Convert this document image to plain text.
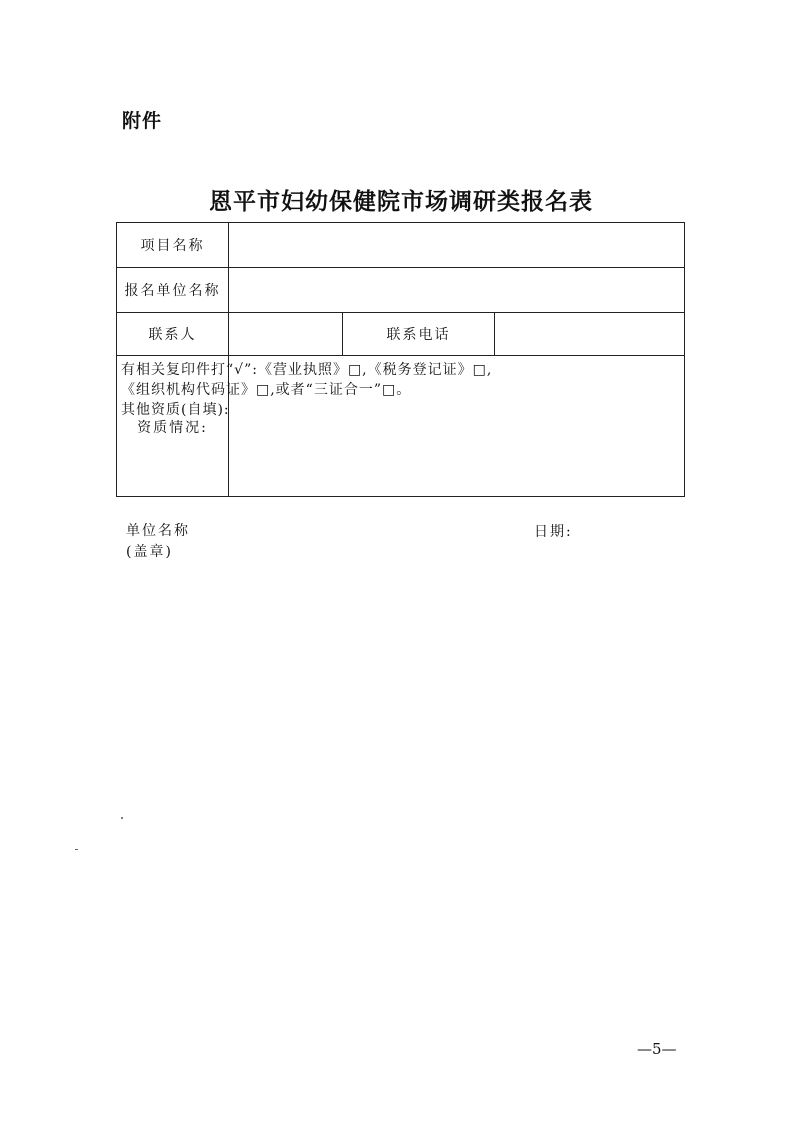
附件
恩平市妇幼保健院市场调研类报名表
项目名称	
报名单位名称	
联系人		联系电话	
资质情况:	有相关复印件打“√”:《营业执照》□,《税务登记证》□,
《组织机构代码证》□,或者“三证合一”□。
其他资质(自填):
单位名称
(盖章)
日期:
—5—
